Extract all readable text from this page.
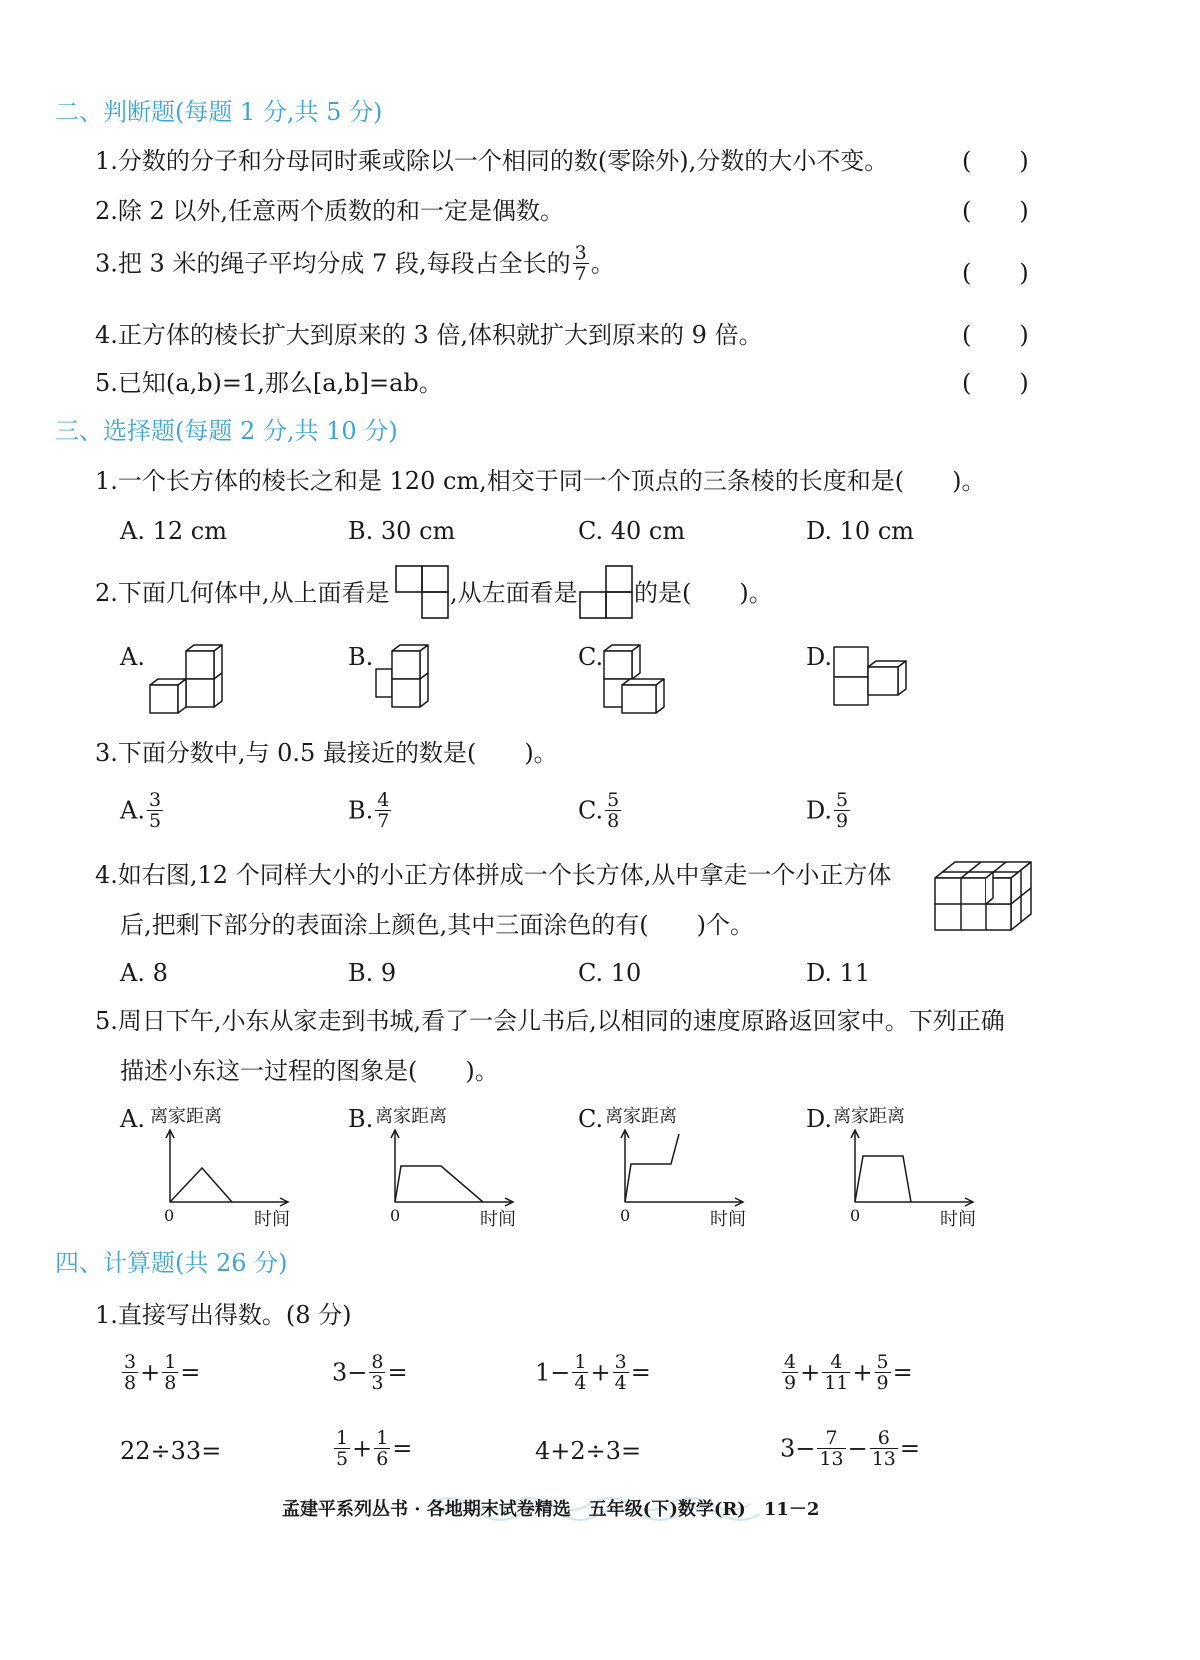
二、判断题(每题 1 分,共 5 分)
1.分数的分子和分母同时乘或除以一个相同的数(零除外),分数的大小不变。	(　　)
2.除 2 以外,任意两个质数的和一定是偶数。	(　　)
3.把 3 米的绳子平均分成 7 段,每段占全长的 $\frac{3}{7}$ 。	(　　)
4.正方体的棱长扩大到原来的 3 倍,体积就扩大到原来的 9 倍。	(　　)
5.已知(a,b)=1,那么[a,b]=ab。	(　　)
三、选择题(每题 2 分,共 10 分)
1.一个长方体的棱长之和是 120 cm,相交于同一个顶点的三条棱的长度和是(　　)。
A. 12 cm	B. 30 cm	C. 40 cm	D. 10 cm
2.下面几何体中,从上面看是	,从左面看是 的是(　　)。
A.	B.	C.	D.
3.下面分数中,与 0.5 最接近的数是(　　)。
A. $\frac{3}{5}$	B. $\frac{4}{7}$	C. $\frac{5}{8}$	D. $\frac{5}{9}$
4.如右图,12 个同样大小的小正方体拼成一个长方体,从中拿走一个小正方体
后,把剩下部分的表面涂上颜色,其中三面涂色的有(　　)个。
A. 8	B. 9	C. 10	D. 11
5.周日下午,小东从家走到书城,看了一会儿书后,以相同的速度原路返回家中。下列正确
描述小东这一过程的图象是(　　)。
A. 离家距离
0	时间
B. 离家距离
0	时间
C. 离家距离
0	时间
D. 离家距离
0	时间
四、计算题(共 26 分)
1.直接写出得数。(8 分)
$\frac{3}{8} + \frac{1}{8}$ =	$3- \frac{8}{3}$ =	$1- \frac{1}{4} + \frac{3}{4}$ =	$\frac{4}{9} + \frac{4}{11} + \frac{5}{9}$ =
22÷33=	$\frac{1}{5} + \frac{1}{6}$ =	4+2÷3=	$3- \frac{7}{13} - \frac{6}{13}$ =
孟建平系列丛书 · 各地期末试卷精选　五年级(下)数学(R)　11－2
